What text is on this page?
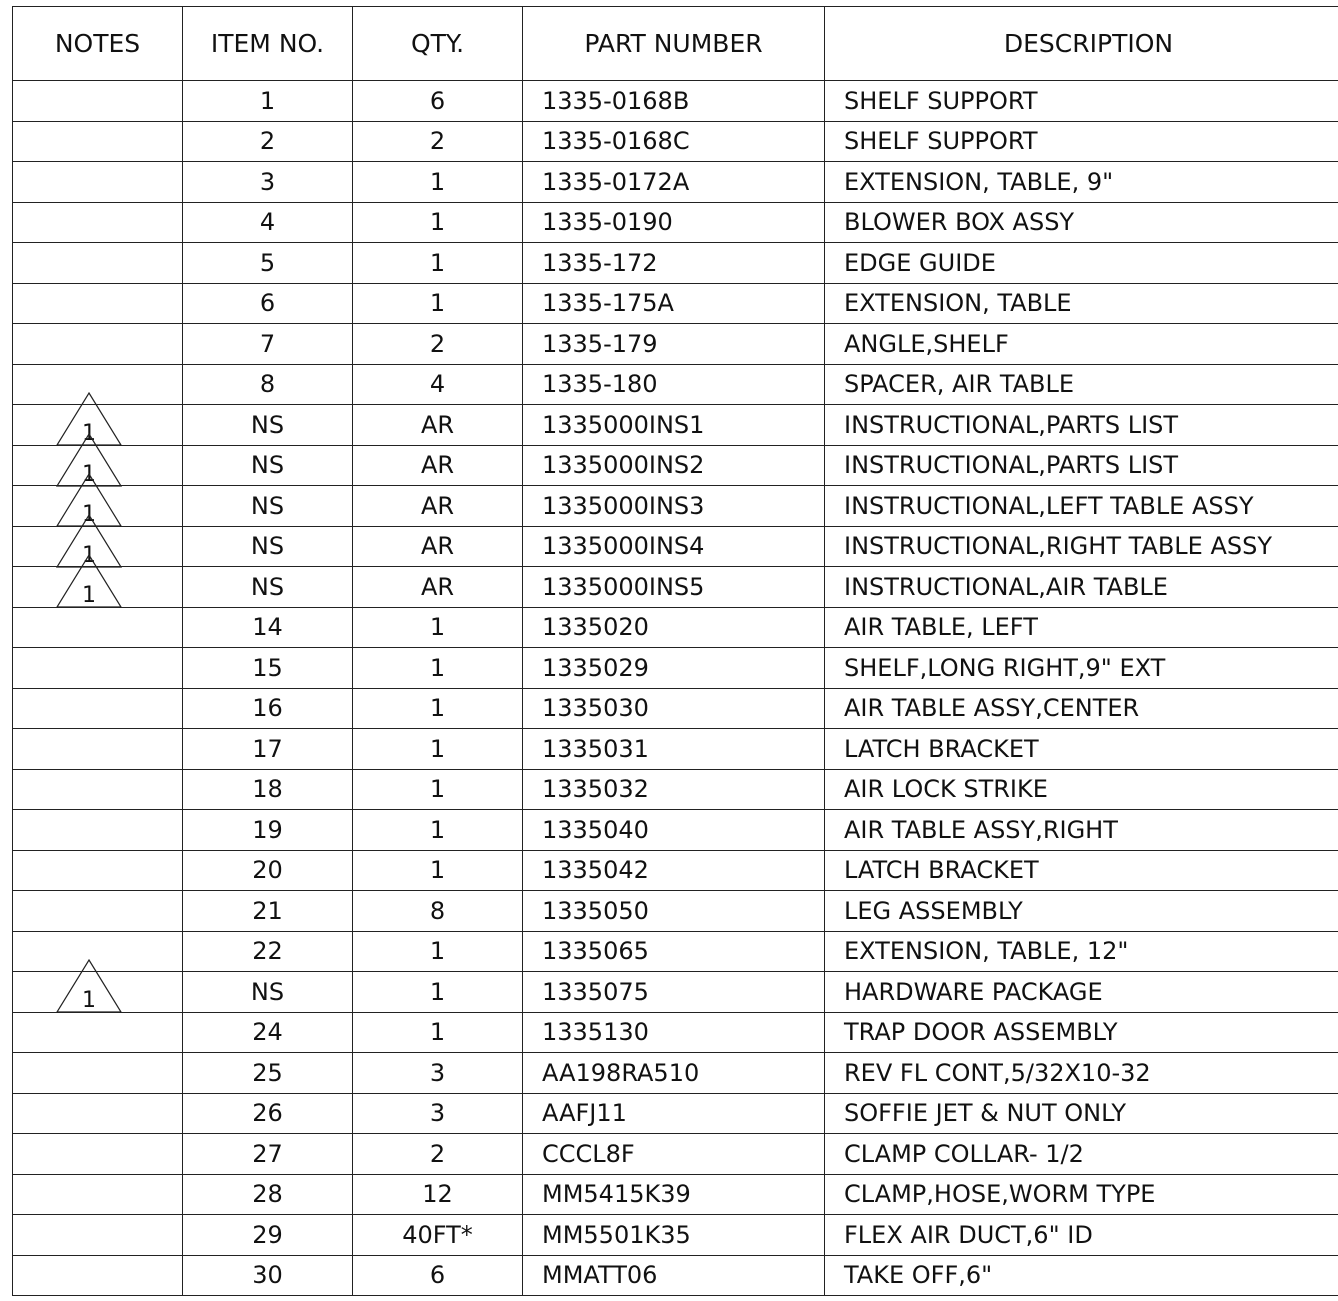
NOTES	ITEM NO.	QTY.	PART NUMBER	DESCRIPTION
	1	6	1335-0168B	SHELF SUPPORT
	2	2	1335-0168C	SHELF SUPPORT
	3	1	1335-0172A	EXTENSION, TABLE, 9"
	4	1	1335-0190	BLOWER BOX ASSY
	5	1	1335-172	EDGE GUIDE
	6	1	1335-175A	EXTENSION, TABLE
	7	2	1335-179	ANGLE,SHELF
	8	4	1335-180	SPACER, AIR TABLE

1	NS	AR	1335000INS1	INSTRUCTIONAL,PARTS LIST

1	NS	AR	1335000INS2	INSTRUCTIONAL,PARTS LIST

1	NS	AR	1335000INS3	INSTRUCTIONAL,LEFT TABLE ASSY

1	NS	AR	1335000INS4	INSTRUCTIONAL,RIGHT TABLE ASSY

1	NS	AR	1335000INS5	INSTRUCTIONAL,AIR TABLE
	14	1	1335020	AIR TABLE, LEFT
	15	1	1335029	SHELF,LONG RIGHT,9" EXT
	16	1	1335030	AIR TABLE ASSY,CENTER
	17	1	1335031	LATCH BRACKET
	18	1	1335032	AIR LOCK STRIKE
	19	1	1335040	AIR TABLE ASSY,RIGHT
	20	1	1335042	LATCH BRACKET
	21	8	1335050	LEG ASSEMBLY
	22	1	1335065	EXTENSION, TABLE, 12"

1	NS	1	1335075	HARDWARE PACKAGE
	24	1	1335130	TRAP DOOR ASSEMBLY
	25	3	AA198RA510	REV FL CONT,5/32X10-32
	26	3	AAFJ11	SOFFIE JET & NUT ONLY
	27	2	CCCL8F	CLAMP COLLAR- 1/2
	28	12	MM5415K39	CLAMP,HOSE,WORM TYPE
	29	40FT*	MM5501K35	FLEX AIR DUCT,6" ID
	30	6	MMATT06	TAKE OFF,6"
